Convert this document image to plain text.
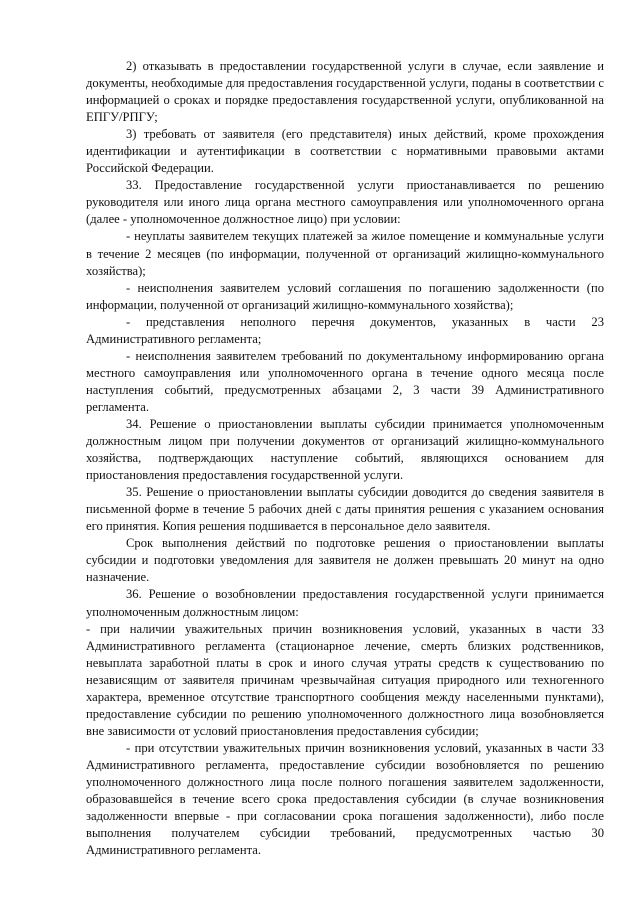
2) отказывать в предоставлении государственной услуги в случае, если заявление и документы, необходимые для предоставления государственной услуги, поданы в соответствии с информацией о сроках и порядке предоставления государственной услуги, опубликованной на ЕПГУ/РПГУ;

3) требовать от заявителя (его представителя) иных действий, кроме прохождения идентификации и аутентификации в соответствии с нормативными правовыми актами Российской Федерации.

33. Предоставление государственной услуги приостанавливается по решению руководителя или иного лица органа местного самоуправления или уполномоченного органа (далее - уполномоченное должностное лицо) при условии:

- неуплаты заявителем текущих платежей за жилое помещение и коммунальные услуги в течение 2 месяцев (по информации, полученной от организаций жилищно-коммунального хозяйства);

- неисполнения заявителем условий соглашения по погашению задолженности (по информации, полученной от организаций жилищно-коммунального хозяйства);

- представления неполного перечня документов, указанных в части 23 Административного регламента;

- неисполнения заявителем требований по документальному информированию органа местного самоуправления или уполномоченного органа в течение одного месяца после наступления событий, предусмотренных абзацами 2, 3 части 39 Административного регламента.

34. Решение о приостановлении выплаты субсидии принимается уполномоченным должностным лицом при получении документов от организаций жилищно-коммунального хозяйства, подтверждающих наступление событий, являющихся основанием для приостановления предоставления государственной услуги.

35. Решение о приостановлении выплаты субсидии доводится до сведения заявителя в письменной форме в течение 5 рабочих дней с даты принятия решения с указанием основания его принятия. Копия решения подшивается в персональное дело заявителя.

Срок выполнения действий по подготовке решения о приостановлении выплаты субсидии и подготовки уведомления для заявителя не должен превышать 20 минут на одно назначение.

36. Решение о возобновлении предоставления государственной услуги принимается уполномоченным должностным лицом:

- при наличии уважительных причин возникновения условий, указанных в части 33 Административного регламента (стационарное лечение, смерть близких родственников, невыплата заработной платы в срок и иного случая утраты средств к существованию по независящим от заявителя причинам чрезвычайная ситуация природного или техногенного характера, временное отсутствие транспортного сообщения между населенными пунктами), предоставление субсидии по решению уполномоченного должностного лица возобновляется вне зависимости от условий приостановления предоставления субсидии;

- при отсутствии уважительных причин возникновения условий, указанных в части 33 Административного регламента, предоставление субсидии возобновляется по решению уполномоченного должностного лица после полного погашения заявителем задолженности, образовавшейся в течение всего срока предоставления субсидии (в случае возникновения задолженности впервые - при согласовании срока погашения задолженности), либо после выполнения получателем субсидии требований, предусмотренных частью 30 Административного регламента.
